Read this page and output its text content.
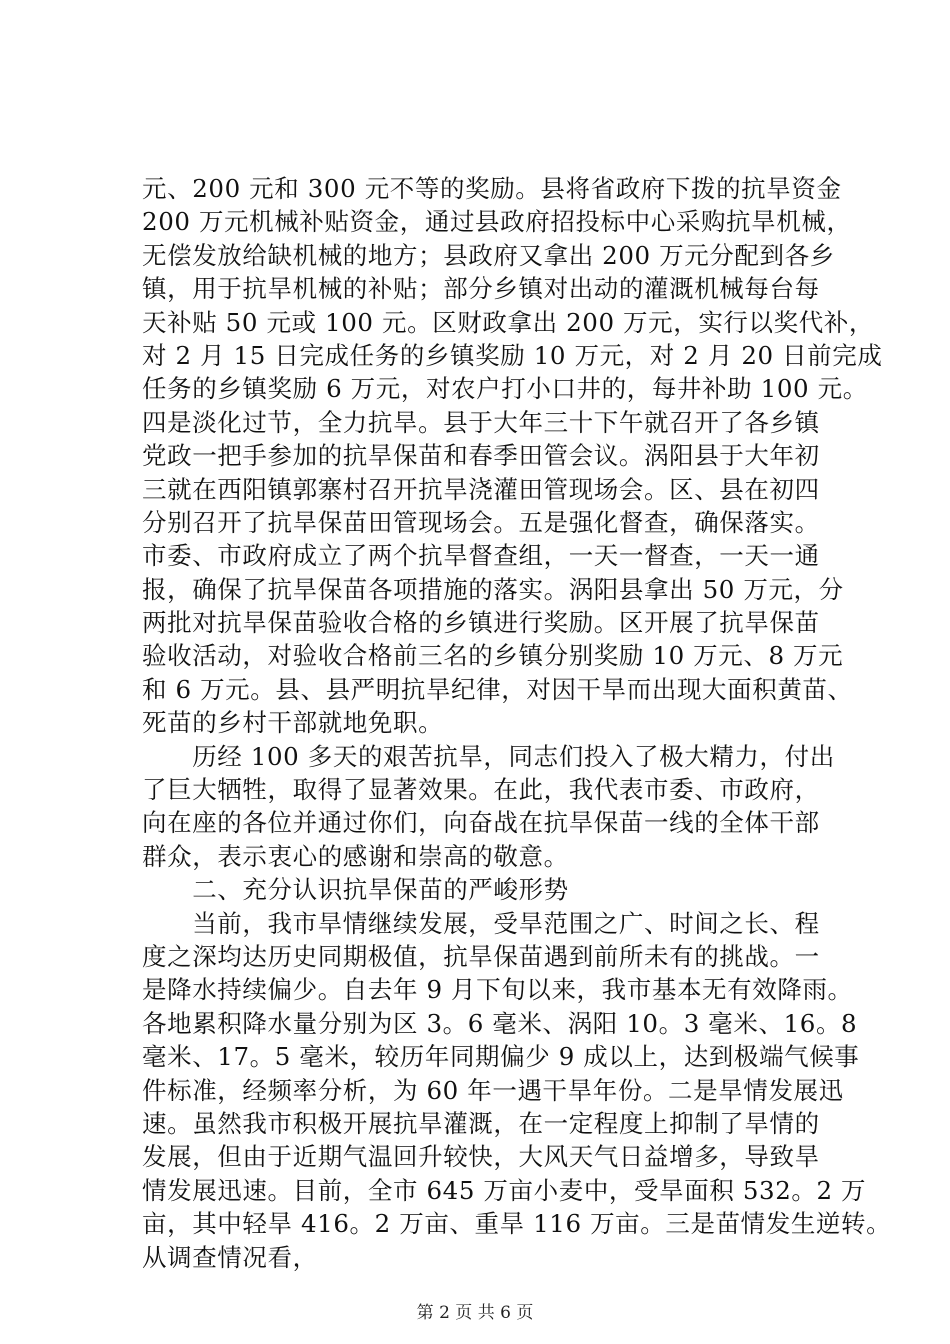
元、200 元和 300 元不等的奖励。县将省政府下拨的抗旱资金
200 万元机械补贴资金，通过县政府招投标中心采购抗旱机械，
无偿发放给缺机械的地方；县政府又拿出 200 万元分配到各乡
镇，用于抗旱机械的补贴；部分乡镇对出动的灌溉机械每台每
天补贴 50 元或 100 元。区财政拿出 200 万元，实行以奖代补，
对 2 月 15 日完成任务的乡镇奖励 10 万元，对 2 月 20 日前完成
任务的乡镇奖励 6 万元，对农户打小口井的，每井补助 100 元。
四是淡化过节，全力抗旱。县于大年三十下午就召开了各乡镇
党政一把手参加的抗旱保苗和春季田管会议。涡阳县于大年初
三就在西阳镇郭寨村召开抗旱浇灌田管现场会。区、县在初四
分别召开了抗旱保苗田管现场会。五是强化督查，确保落实。
市委、市政府成立了两个抗旱督查组，一天一督查，一天一通
报，确保了抗旱保苗各项措施的落实。涡阳县拿出 50 万元，分
两批对抗旱保苗验收合格的乡镇进行奖励。区开展了抗旱保苗
验收活动，对验收合格前三名的乡镇分别奖励 10 万元、8 万元
和 6 万元。县、县严明抗旱纪律，对因干旱而出现大面积黄苗、
死苗的乡村干部就地免职。
　　历经 100 多天的艰苦抗旱，同志们投入了极大精力，付出
了巨大牺牲，取得了显著效果。在此，我代表市委、市政府，
向在座的各位并通过你们，向奋战在抗旱保苗一线的全体干部
群众，表示衷心的感谢和崇高的敬意。
　　二、充分认识抗旱保苗的严峻形势
　　当前，我市旱情继续发展，受旱范围之广、时间之长、程
度之深均达历史同期极值，抗旱保苗遇到前所未有的挑战。一
是降水持续偏少。自去年 9 月下旬以来，我市基本无有效降雨。
各地累积降水量分别为区 3。6 毫米、涡阳 10。3 毫米、16。8
毫米、17。5 毫米，较历年同期偏少 9 成以上，达到极端气候事
件标准，经频率分析，为 60 年一遇干旱年份。二是旱情发展迅
速。虽然我市积极开展抗旱灌溉，在一定程度上抑制了旱情的
发展，但由于近期气温回升较快，大风天气日益增多，导致旱
情发展迅速。目前，全市 645 万亩小麦中，受旱面积 532。2 万
亩，其中轻旱 416。2 万亩、重旱 116 万亩。三是苗情发生逆转。
从调查情况看，
第 2 页 共 6 页
